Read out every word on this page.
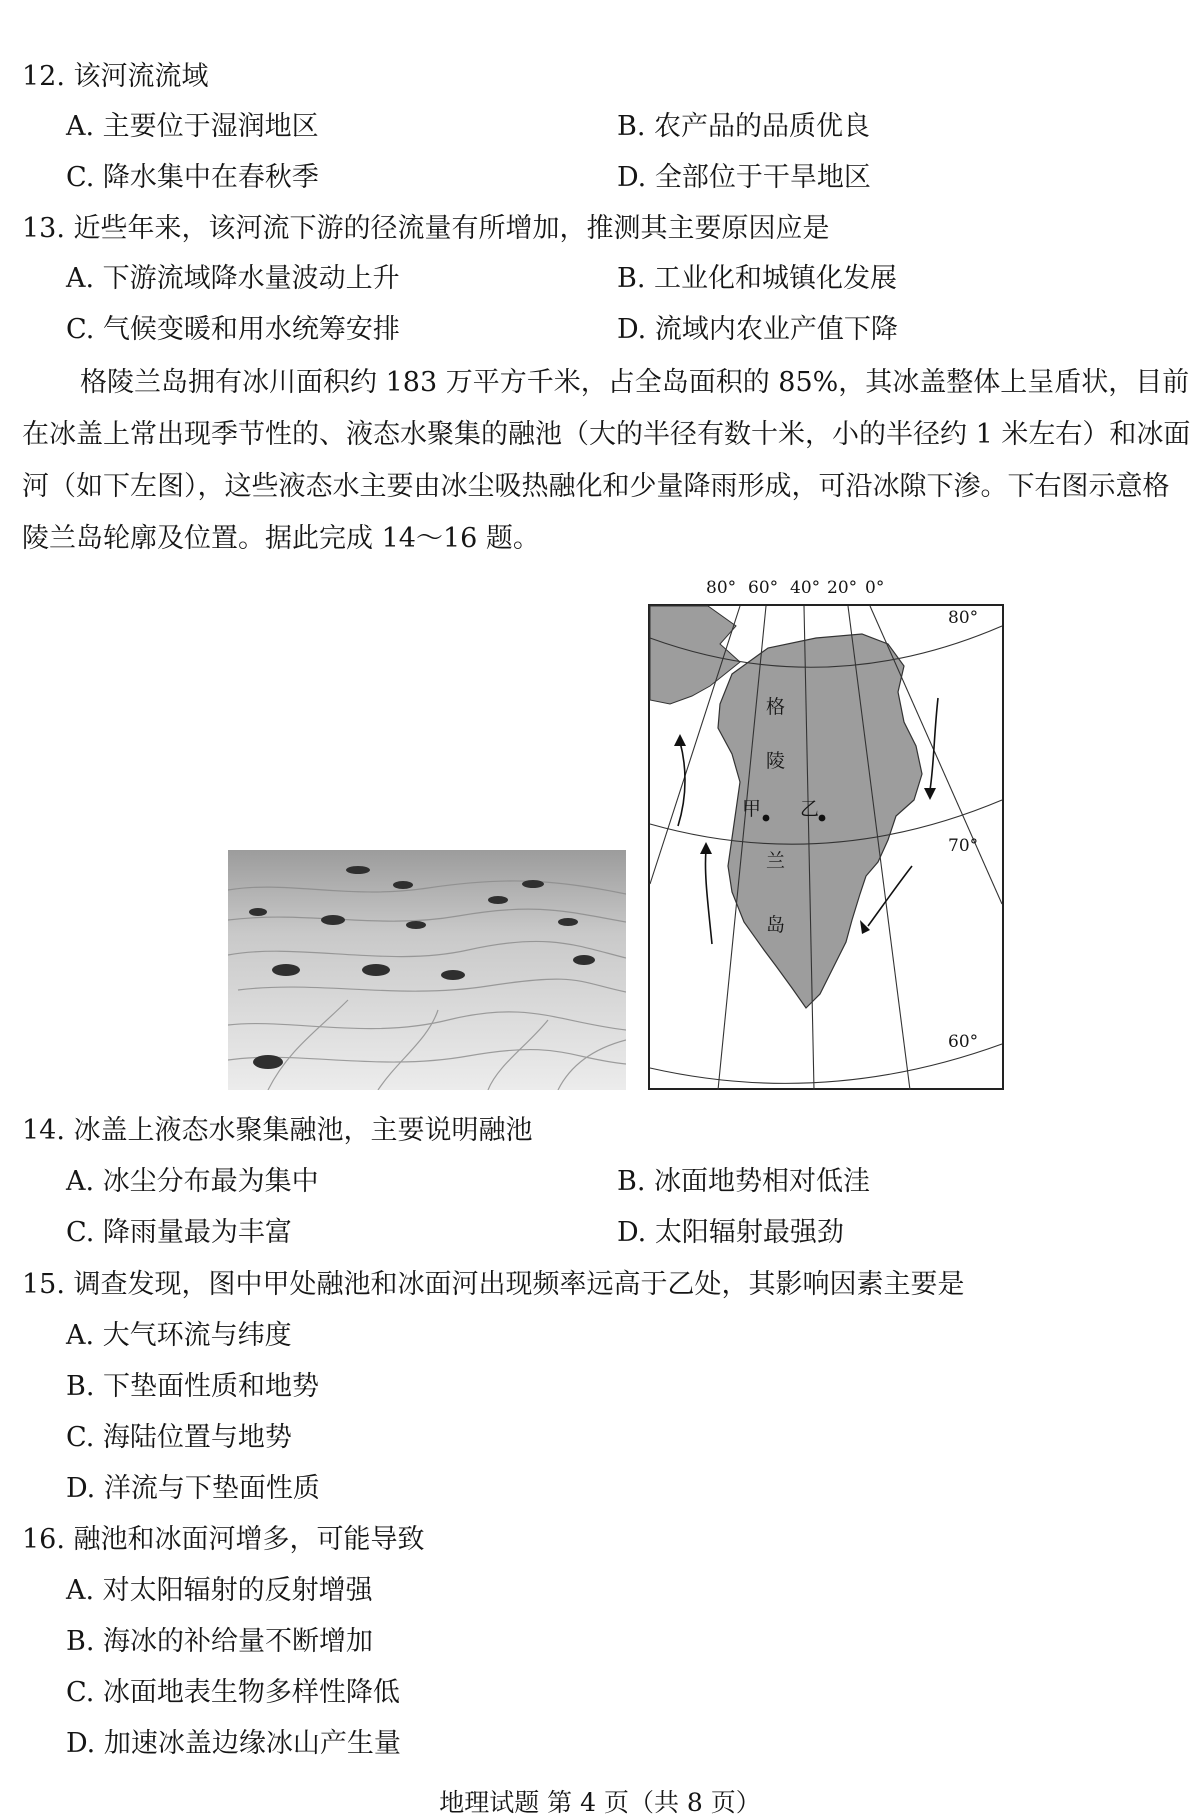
12. 该河流流域
A. 主要位于湿润地区	B. 农产品的品质优良
C. 降水集中在春秋季	D. 全部位于干旱地区
13. 近些年来，该河流下游的径流量有所增加，推测其主要原因应是
A. 下游流域降水量波动上升	B. 工业化和城镇化发展
C. 气候变暖和用水统筹安排	D. 流域内农业产值下降
格陵兰岛拥有冰川面积约 183 万平方千米，占全岛面积的 85%，其冰盖整体上呈盾状，目前
在冰盖上常出现季节性的、液态水聚集的融池（大的半径有数十米，小的半径约 1 米左右）和冰面
河（如下左图），这些液态水主要由冰尘吸热融化和少量降雨形成，可沿冰隙下渗。下右图示意格
陵兰岛轮廓及位置。据此完成 14～16 题。
80° 60° 40° 20° 0°
80°
70°
60°
格
陵
兰
岛
甲 乙
14. 冰盖上液态水聚集融池，主要说明融池
A. 冰尘分布最为集中	B. 冰面地势相对低洼
C. 降雨量最为丰富	D. 太阳辐射最强劲
15. 调查发现，图中甲处融池和冰面河出现频率远高于乙处，其影响因素主要是
A. 大气环流与纬度
B. 下垫面性质和地势
C. 海陆位置与地势
D. 洋流与下垫面性质
16. 融池和冰面河增多，可能导致
A. 对太阳辐射的反射增强
B. 海冰的补给量不断增加
C. 冰面地表生物多样性降低
D. 加速冰盖边缘冰山产生量
地理试题 第 4 页（共 8 页）
